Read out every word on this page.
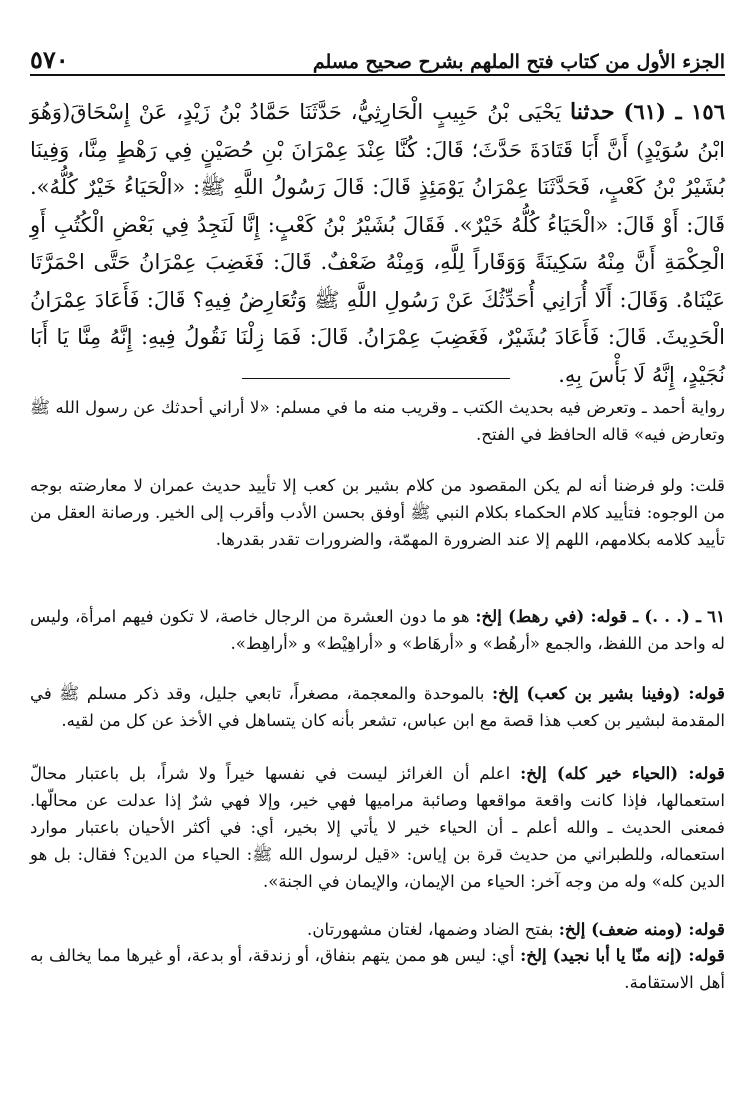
الجزء الأول من كتاب فتح الملهم بشرح صحيح مسلم
٥٧٠
١٥٦ ـ (٦١) حدثنا يَحْيَى بْنُ حَبِيبٍ الْحَارِثِيُّ، حَدَّثَنَا حَمَّادُ بْنُ زَيْدٍ، عَنْ إِسْحَاقَ(وَهُوَ ابْنُ سُوَيْدٍ) أَنَّ أَبَا قَتَادَةَ حَدَّثَ؛ قَالَ: كُنَّا عِنْدَ عِمْرَانَ بْنِ حُصَيْنٍ فِي رَهْطٍ مِنَّا، وَفِينَا بُشَيْرُ بْنُ كَعْبٍ، فَحَدَّثَنَا عِمْرَانُ يَوْمَئِذٍ قَالَ: قَالَ رَسُولُ اللَّهِ ﷺ: «الْحَيَاءُ خَيْرٌ كُلُّهُ». قَالَ: أَوْ قَالَ: «الْحَيَاءُ كُلُّهُ خَيْرٌ». فَقَالَ بُشَيْرُ بْنُ كَعْبٍ: إِنَّا لَنَجِدُ فِي بَعْضِ الْكُتُبِ أَوِ الْحِكْمَةِ أَنَّ مِنْهُ سَكِينَةً وَوَقَاراً لِلَّهِ، وَمِنْهُ ضَعْفٌ. قَالَ: فَغَضِبَ عِمْرَانُ حَتَّى احْمَرَّتَا عَيْنَاهُ. وَقَالَ: أَلَا أُرَانِي أُحَدِّثُكَ عَنْ رَسُولِ اللَّهِ ﷺ وَتُعَارِضُ فِيهِ؟ قَالَ: فَأَعَادَ عِمْرَانُ الْحَدِيثَ. قَالَ: فَأَعَادَ بُشَيْرٌ، فَغَضِبَ عِمْرَانُ. قَالَ: فَمَا زِلْنَا نَقُولُ فِيهِ: إِنَّهُ مِنَّا يَا أَبَا نُجَيْدٍ، إِنَّهُ لَا بَأْسَ بِهِ.

رواية أحمد ـ وتعرض فيه بحديث الكتب ـ وقريب منه ما في مسلم: «لا أراني أحدثك عن رسول الله ﷺ وتعارض فيه» قاله الحافظ في الفتح.

قلت: ولو فرضنا أنه لم يكن المقصود من كلام بشير بن كعب إلا تأييد حديث عمران لا معارضته بوجه من الوجوه: فتأييد كلام الحكماء بكلام النبي ﷺ أوفق بحسن الأدب وأقرب إلى الخير. ورصانة العقل من تأييد كلامه بكلامهم، اللهم إلا عند الضرورة المهمّة، والضرورات تقدر بقدرها.

٦١ ـ (. . .) ـ قوله: (في رهط) إلخ: هو ما دون العشرة من الرجال خاصة، لا تكون فيهم امرأة، وليس له واحد من اللفظ، والجمع «أرهُط» و «أرهَاط» و «أراهِيْط» و «أراهِط».

قوله: (وفينا بشير بن كعب) إلخ: بالموحدة والمعجمة، مصغراً، تابعي جليل، وقد ذكر مسلم ﷺ في المقدمة لبشير بن كعب هذا قصة مع ابن عباس، تشعر بأنه كان يتساهل في الأخذ عن كل من لقيه.

قوله: (الحياء خير كله) إلخ: اعلم أن الغرائز ليست في نفسها خيراً ولا شراً، بل باعتبار محالّ استعمالها، فإذا كانت واقعة مواقعها وصائبة مراميها فهي خير، وإلا فهي شرٌ إذا عدلت عن محالّها. فمعنى الحديث ـ والله أعلم ـ أن الحياء خير لا يأتي إلا بخير، أي: في أكثر الأحيان باعتبار موارد استعماله، وللطبراني من حديث قرة بن إياس: «قيل لرسول الله ﷺ: الحياء من الدين؟ فقال: بل هو الدين كله» وله من وجه آخر: الحياء من الإيمان، والإيمان في الجنة».

قوله: (ومنه ضعف) إلخ: بفتح الضاد وضمها، لغتان مشهورتان.

قوله: (إنه منّا يا أبا نجيد) إلخ: أي: ليس هو ممن يتهم بنفاق، أو زندقة، أو بدعة، أو غيرها مما يخالف به أهل الاستقامة.
